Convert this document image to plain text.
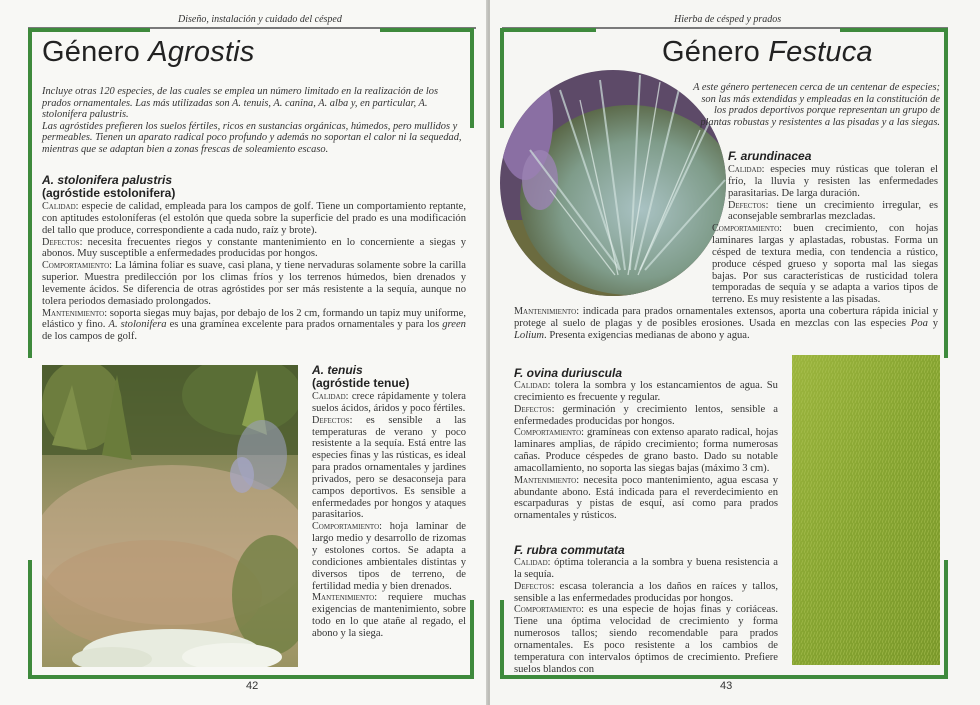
Diseño, instalación y cuidado del césped
Género Agrostis

Incluye otras 120 especies, de las cuales se emplea un número limitado en la realización de los prados ornamentales. Las más utilizadas son A. tenuis, A. canina, A. alba y, en particular, A. stolonifera palustris.

Las agróstides prefieren los suelos fértiles, ricos en sustancias orgánicas, húmedos, pero mullidos y permeables. Tienen un aparato radical poco profundo y además no soportan el calor ni la sequedad, mientras que se adaptan bien a zonas frescas de soleamiento escaso.

A. stolonifera palustris
(agróstide estolonifera)

Calidad: especie de calidad, empleada para los campos de golf. Tiene un comportamiento reptante, con aptitudes estoloníferas (el estolón que queda sobre la superficie del prado es una modificación del tallo que produce, correspondiente a cada nudo, raíz y brote).

Defectos: necesita frecuentes riegos y constante mantenimiento en lo concerniente a siegas y abonos. Muy susceptible a enfermedades producidas por hongos.

Comportamiento: La lámina foliar es suave, casi plana, y tiene nervaduras solamente sobre la carilla superior. Muestra predilección por los climas fríos y los terrenos húmedos, bien drenados y levemente ácidos. Se diferencia de otras agróstides por ser más resistente a la sequía, aunque no tolera periodos demasiado prolongados.

Mantenimiento: soporta siegas muy bajas, por debajo de los 2 cm, formando un tapiz muy uniforme, elástico y fino. A. stolonifera es una gramínea excelente para prados ornamentales y para los green de los campos de golf.

A. tenuis
(agróstide tenue)

Calidad: crece rápidamente y tolera suelos ácidos, áridos y poco fértiles.

Defectos: es sensible a las temperaturas de verano y poco resistente a la sequía. Está entre las especies finas y las rústicas, es ideal para prados ornamentales y jardines privados, pero se desaconseja para campos deportivos. Es sensible a enfermedades por hongos y ataques parasitarios.

Comportamiento: hoja laminar de largo medio y desarrollo de rizomas y estolones cortos. Se adapta a condiciones ambientales distintas y diversos tipos de terreno, de fertilidad media y bien drenados.

Mantenimiento: requiere muchas exigencias de mantenimiento, sobre todo en lo que atañe al regado, el abono y la siega.

42
Hierba de césped y prados
Género Festuca
A este género pertenecen cerca de un centenar de especies; son las más extendidas y empleadas en la constitución de los prados deportivos porque representan un grupo de plantas robustas y resistentes a las pisadas y a las siegas.
F. arundinacea

Calidad: especies muy rústicas que toleran el frío, la lluvia y resisten las enfermedades parasitarias. De larga duración.

Defectos: tiene un crecimiento irregular, es aconsejable sembrarlas mezcladas.

Comportamiento: buen crecimiento, con hojas laminares largas y aplastadas, robustas. Forma un césped de textura media, con tendencia a rústico, produce césped grueso y soporta mal las siegas bajas. Por sus características de rusticidad tolera temporadas de sequía y se adapta a varios tipos de terreno. Es muy resistente a las pisadas.

Mantenimiento: indicada para prados ornamentales extensos, aporta una cobertura rápida inicial y protege al suelo de plagas y de posibles erosiones. Usada en mezclas con las especies Poa y Lolium. Presenta exigencias medianas de abono y agua.

F. ovina duriuscula

Calidad: tolera la sombra y los estancamientos de agua. Su crecimiento es frecuente y regular.

Defectos: germinación y crecimiento lentos, sensible a enfermedades producidas por hongos.

Comportamiento: gramíneas con extenso aparato radical, hojas laminares amplias, de rápido crecimiento; forma numerosas cañas. Produce céspedes de grano basto. Dado su notable amacollamiento, no soporta las siegas bajas (máximo 3 cm).

Mantenimiento: necesita poco mantenimiento, agua escasa y abundante abono. Está indicada para el reverdecimiento en escarpaduras y pistas de esquí, así como para prados ornamentales y rústicos.

F. rubra commutata

Calidad: óptima tolerancia a la sombra y buena resistencia a la sequía.

Defectos: escasa tolerancia a los daños en raíces y tallos, sensible a las enfermedades producidas por hongos.

Comportamiento: es una especie de hojas finas y coriáceas. Tiene una óptima velocidad de crecimiento y forma numerosos tallos; siendo recomendable para prados ornamentales. Es poco resistente a los cambios de temperatura con intervalos óptimos de crecimiento. Prefiere suelos blandos con

43
